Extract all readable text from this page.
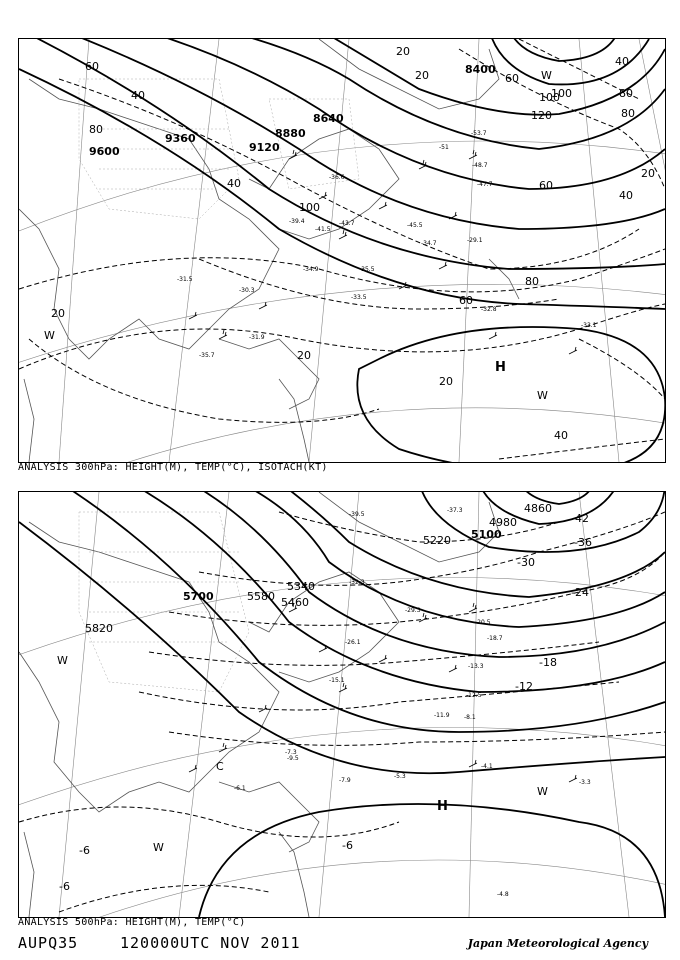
9600
9360
9120
8880
8640
8400
20
40
60
80
100
120
100
80
60
40
20
20
60
80
100
40
20
40
20
80
40
60
20
H
W
W
W
-53.7
-51
-48.7
-47.7
-45.5
-43.7
-41.5
-39.4
-35.5
-34.7
-33.5
-31.9
-31.5
-35.7
-30.3
-29.1
-34.9
-33.1
-32.8
-36.6
ANALYSIS 300hPa: HEIGHT(M), TEMP(°C), ISOTACH(KT)
5820
5700	5580 5460
5340
5220 5100
4980
4860
-42
-36
-30
-24
-18
-12
-6
-6
-6
H
W
W
W
C
-37.3
-39.5
-32.3
-29.3
-26.1
-20.5
-18.7
-15.1
-13.3
-12.5
-11.9 -8.1
-7.9
-5.3
-4.1
-3.3
-4.8
-6.1
-7.3
-9.5
ANALYSIS 500hPa: HEIGHT(M), TEMP(°C)
AUPQ35	120000UTC NOV 2011	Japan Meteorological Agency
